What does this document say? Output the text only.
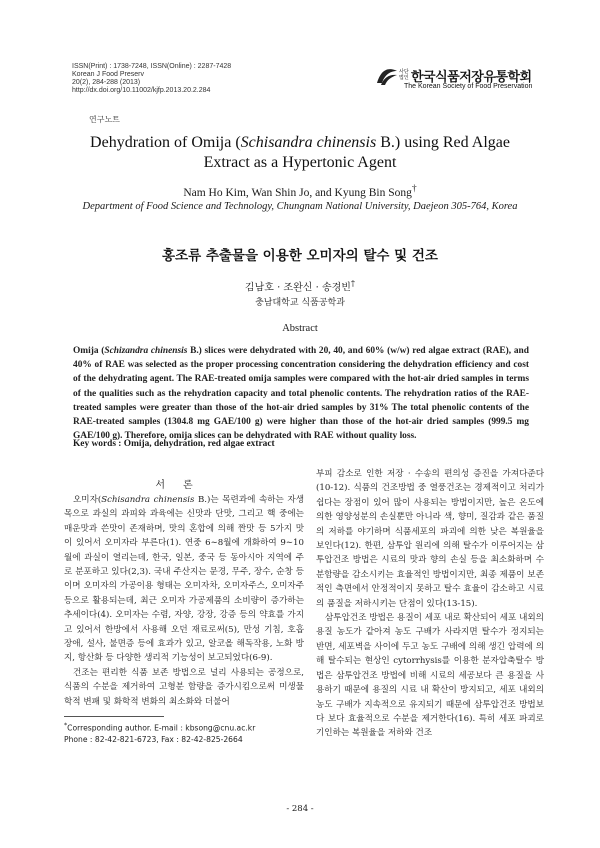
ISSN(Print) : 1738-7248, ISSN(Online) : 2287-7428
Korean J Food Preserv
20(2), 284-288 (2013)
http://dx.doi.org/10.11002/kjfp.2013.20.2.284
사단
법인 한국식품저장유통학회
The Korean Society of Food Preservation
연구노트
Dehydration of Omija (Schisandra chinensis B.) using Red Algae
Extract as a Hypertonic Agent
Nam Ho Kim, Wan Shin Jo, and Kyung Bin Song†
Department of Food Science and Technology, Chungnam National University, Daejeon 305-764, Korea
홍조류 추출물을 이용한 오미자의 탈수 및 건조
김남호 · 조완신 · 송경빈†
충남대학교 식품공학과
Abstract
Omija (Schizandra chinensis B.) slices were dehydrated with 20, 40, and 60% (w/w) red algae extract (RAE), and 40% of RAE was selected as the proper processing concentration considering the dehydration efficiency and cost of the dehydrating agent. The RAE-treated omija samples were compared with the hot-air dried samples in terms of the qualities such as the rehydration capacity and total phenolic contents. The rehydration ratios of the RAE-treated samples were greater than those of the hot-air dried samples by 31% The total phenolic contents of the RAE-treated samples (1304.8 mg GAE/100 g) were higher than those of the hot-air dried samples (999.5 mg GAE/100 g). Therefore, omija slices can be dehydrated with RAE without quality loss.
Key words : Omija, dehydration, red algae extract
서론

오미자(Schisandra chinensis B.)는 목련과에 속하는 자생목으로 과실의 과피와 과육에는 신맛과 단맛, 그리고 핵 중에는 매운맛과 쓴맛이 존재하며, 맛의 혼합에 의해 짠맛 등 5가지 맛이 있어서 오미자라 부른다(1). 연중 6∼8월에 개화하여 9∼10월에 과실이 열리는데, 한국, 일본, 중국 등 동아시아 지역에 주로 분포하고 있다(2,3). 국내 주산지는 문경, 무주, 장수, 순창 등이며 오미자의 가공이용 형태는 오미자차, 오미자주스, 오미자주 등으로 활용되는데, 최근 오미자 가공제품의 소비량이 증가하는 추세이다(4). 오미자는 수렴, 자양, 강장, 강증 등의 약효를 가지고 있어서 한방에서 사용해 오던 재료로써(5), 만성 기침, 호흡 장애, 설사, 불면증 등에 효과가 있고, 알코올 해독작용, 노화 방지, 항산화 등 다양한 생리적 기능성이 보고되었다(6-9).

건조는 편리한 식품 보존 방법으로 널리 사용되는 공정으로, 식품의 수분을 제거하여 고형분 함량을 증가시킴으로써 미생물학적 변패 및 화학적 변화의 최소화와 더불어

부피 감소로 인한 저장 · 수송의 편의성 증진을 가져다준다(10-12). 식품의 건조방법 중 열풍건조는 경제적이고 처리가 쉽다는 장점이 있어 많이 사용되는 방법이지만, 높은 온도에 의한 영양성분의 손실뿐만 아니라 색, 향미, 질감과 같은 품질의 저하를 야기하며 식품세포의 파괴에 의한 낮은 복원율을 보인다(12). 한편, 삼투압 원리에 의해 탈수가 이루어지는 삼투압건조 방법은 시료의 맛과 향의 손실 등을 최소화하며 수분함량을 감소시키는 효율적인 방법이지만, 최종 제품이 보존적인 측면에서 안정적이지 못하고 탈수 효율이 감소하고 시료의 품질을 저하시키는 단점이 있다(13-15).

삼투압건조 방법은 용질이 세포 내로 확산되어 세포 내외의 용질 농도가 같아져 농도 구배가 사라지면 탈수가 정지되는 반면, 세포벽을 사이에 두고 농도 구배에 의해 생긴 압력에 의해 탈수되는 현상인 cytorrhysis를 이용한 분자압축탈수 방법은 삼투압건조 방법에 비해 시료의 세공보다 큰 용질을 사용하기 때문에 용질의 시료 내 확산이 방지되고, 세포 내외의 농도 구배가 지속적으로 유지되기 때문에 삼투압건조 방법보다 보다 효율적으로 수분을 제거한다(16). 특히 세포 파괴로 기인하는 복원율을 저하와 건조

*Corresponding author. E-mail : kbsong@cnu.ac.kr
Phone : 82-42-821-6723, Fax : 82-42-825-2664
- 284 -
